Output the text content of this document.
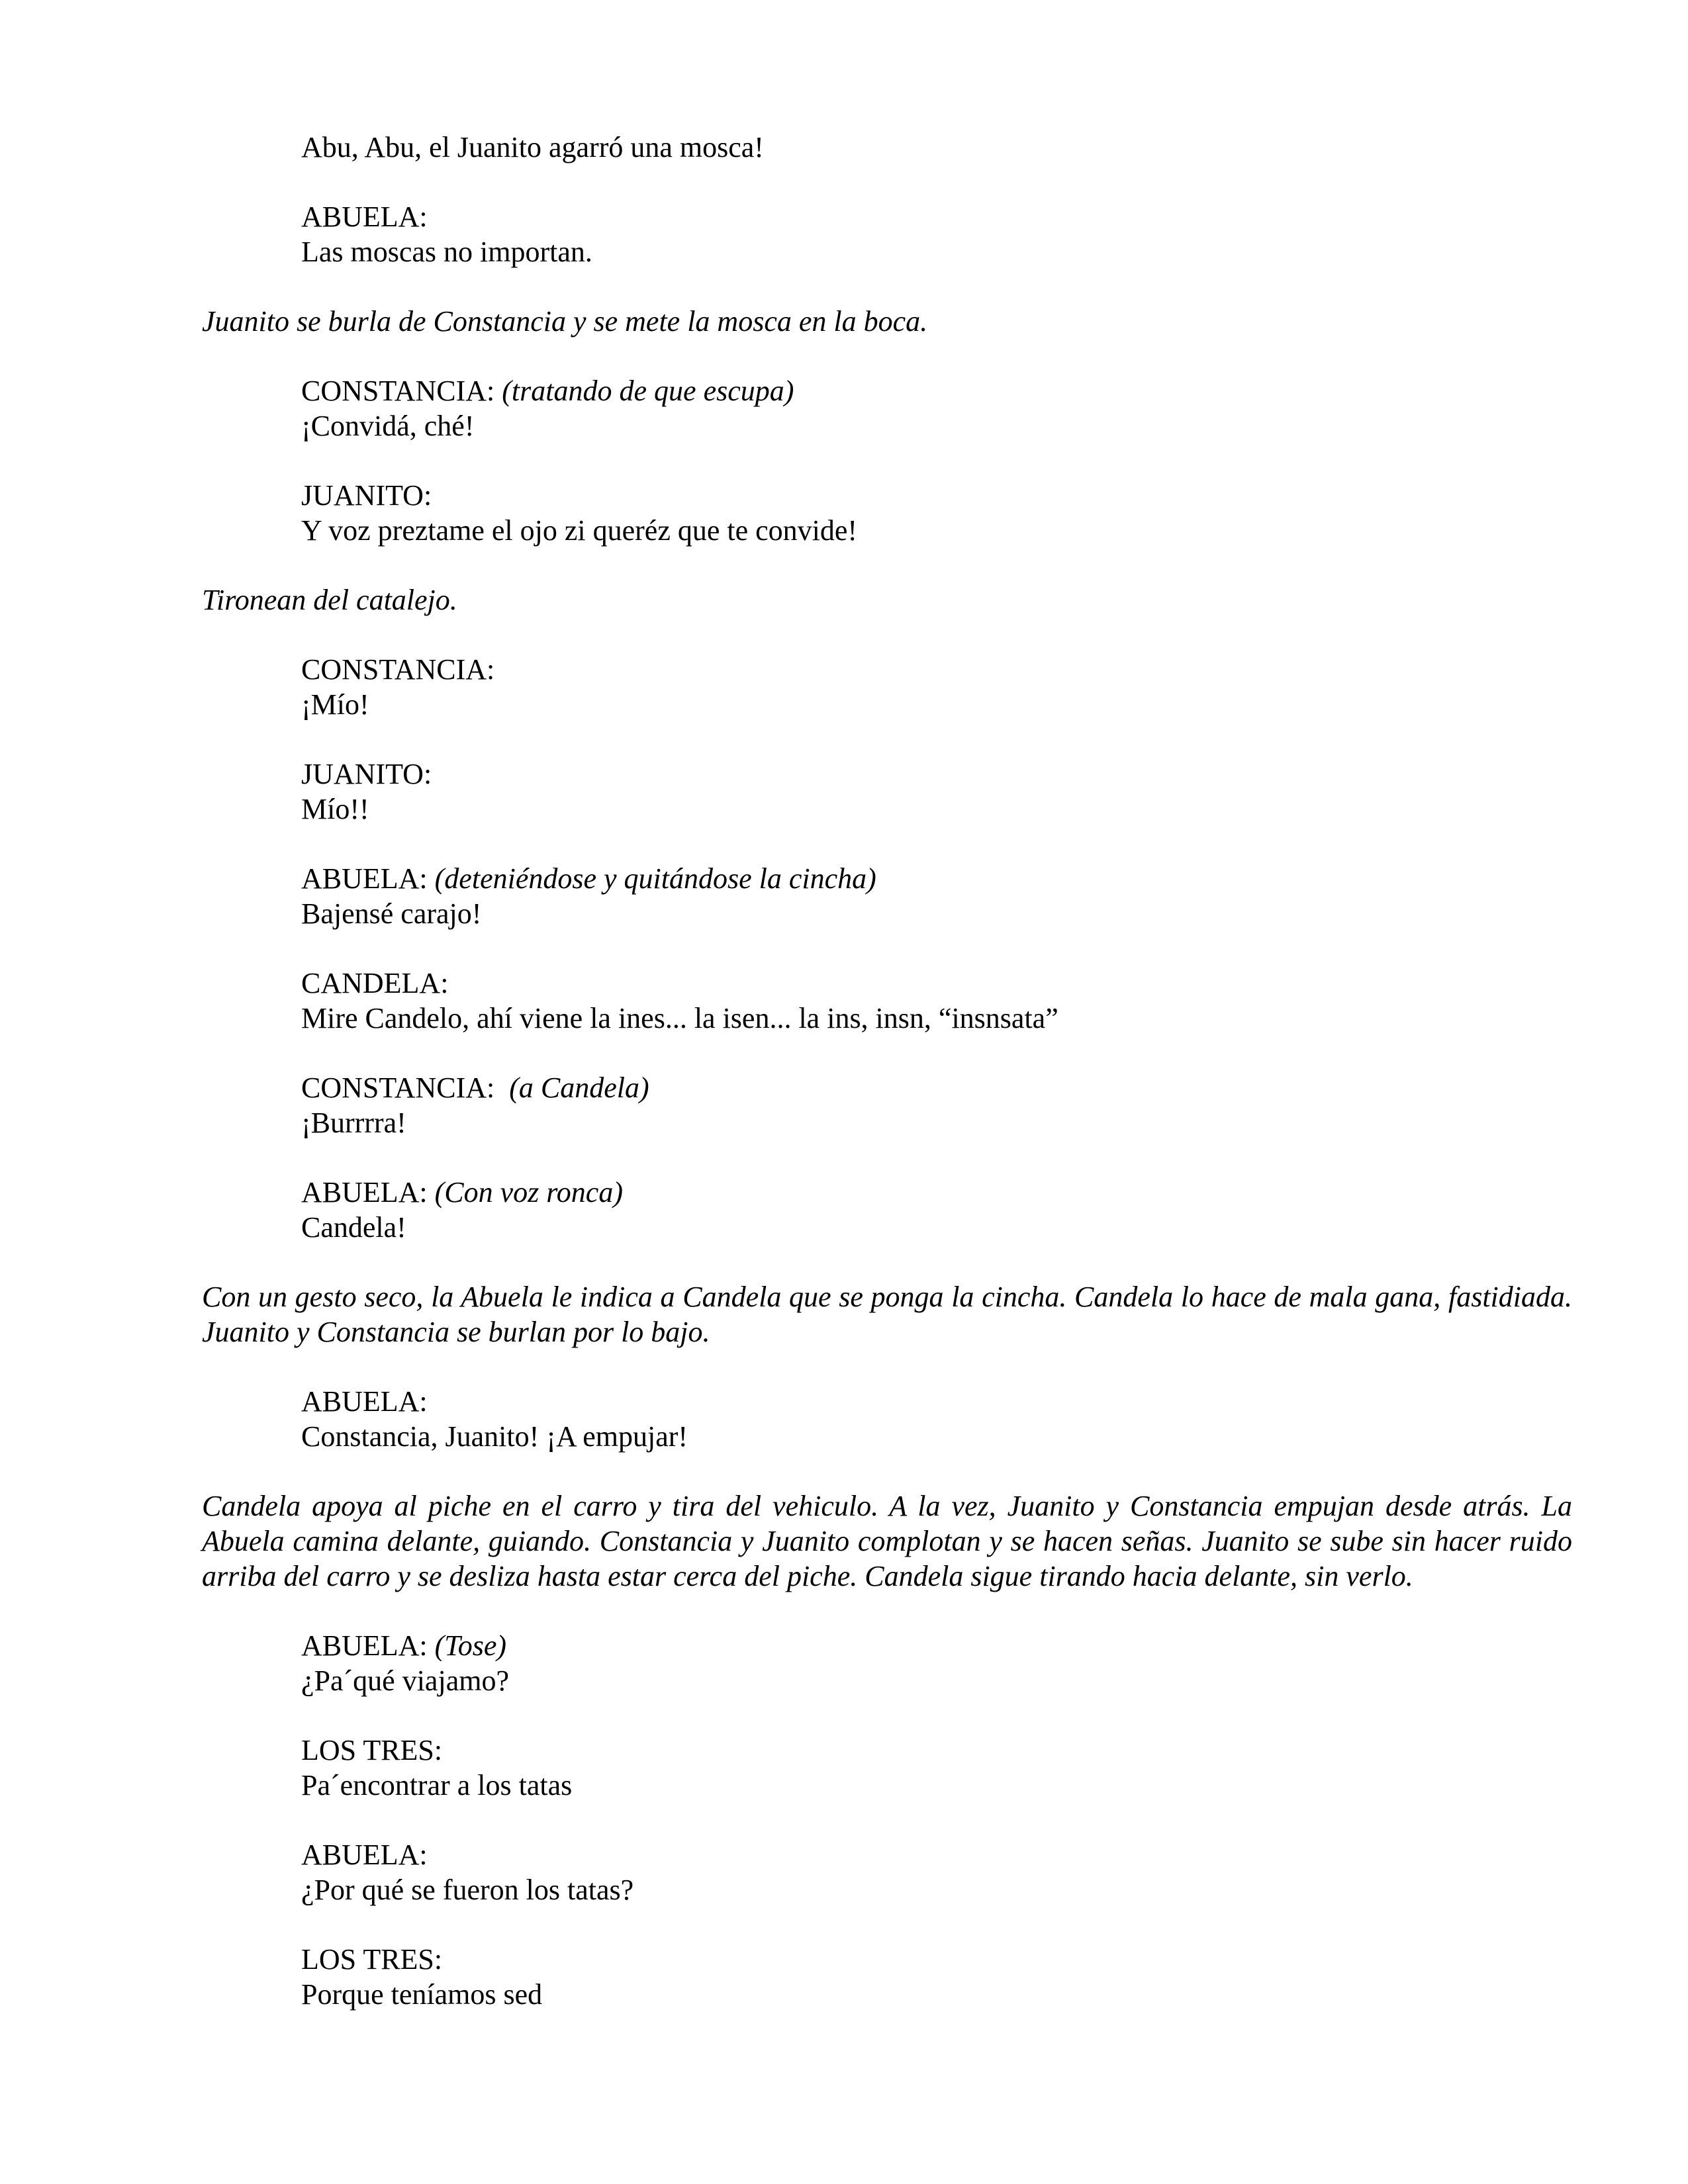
Abu, Abu, el Juanito agarró una mosca!
ABUELA:
Las moscas no importan.
Juanito se burla de Constancia y se mete la mosca en la boca.
CONSTANCIA: (tratando de que escupa)
¡Convidá, ché!
JUANITO:
Y voz preztame el ojo zi queréz que te convide!
Tironean del catalejo.
CONSTANCIA:
¡Mío!
JUANITO:
Mío!!
ABUELA: (deteniéndose y quitándose la cincha)
Bajensé carajo!
CANDELA:
Mire Candelo, ahí viene la ines... la isen... la ins, insn, “insnsata”
CONSTANCIA: (a Candela)
¡Burrrra!
ABUELA: (Con voz ronca)
Candela!
Con un gesto seco, la Abuela le indica a Candela que se ponga la cincha. Candela lo hace de mala gana, fastidiada. Juanito y Constancia se burlan por lo bajo.
ABUELA:
Constancia, Juanito! ¡A empujar!
Candela apoya al piche en el carro y tira del vehiculo. A la vez, Juanito y Constancia empujan desde atrás. La Abuela camina delante, guiando. Constancia y Juanito complotan y se hacen señas. Juanito se sube sin hacer ruido arriba del carro y se desliza hasta estar cerca del piche. Candela sigue tirando hacia delante, sin verlo.
ABUELA: (Tose)
¿Pa´qué viajamo?
LOS TRES:
Pa´encontrar a los tatas
ABUELA:
¿Por qué se fueron los tatas?
LOS TRES:
Porque teníamos sed
